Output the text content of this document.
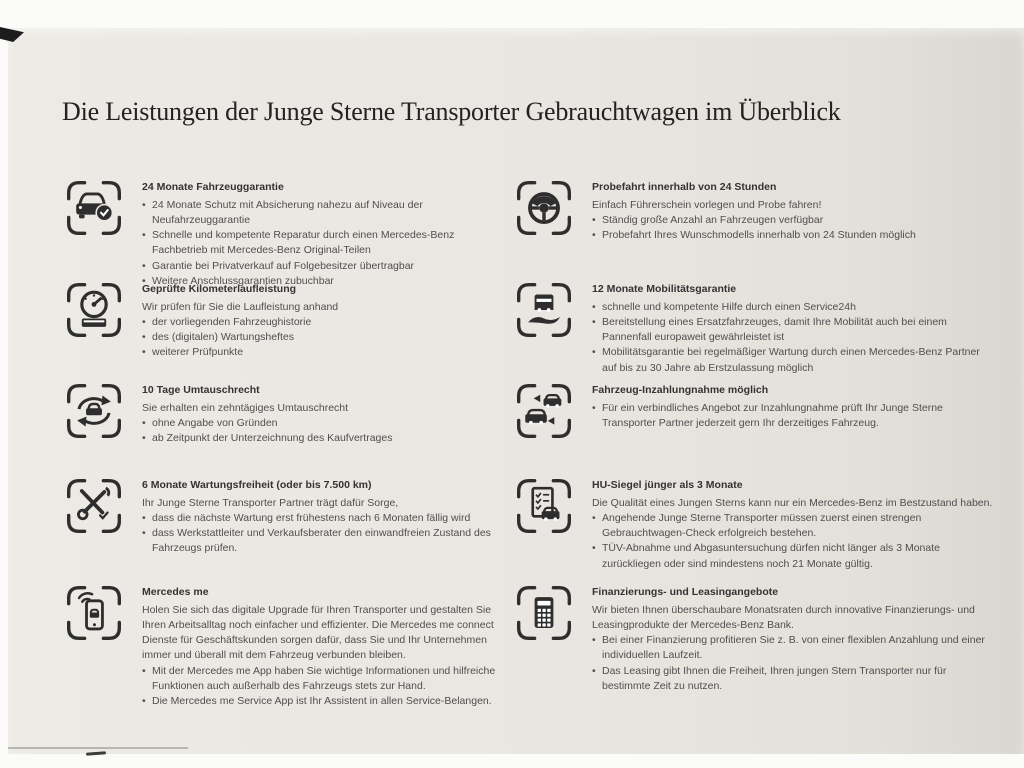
Die Leistungen der Junge Sterne Transporter Gebrauchtwagen im Überblick
24 Monate Fahrzeuggarantie
• 24 Monate Schutz mit Absicherung nahezu auf Niveau der Neufahrzeuggarantie
• Schnelle und kompetente Reparatur durch einen Mercedes-Benz Fachbetrieb mit Mercedes-Benz Original-Teilen
• Garantie bei Privatverkauf auf Folgebesitzer übertragbar
• Weitere Anschlussgarantien zubuchbar
Geprüfte Kilometerlaufleistung

Wir prüfen für Sie die Laufleistung anhand

• der vorliegenden Fahrzeughistorie
• des (digitalen) Wartungsheftes
• weiterer Prüfpunkte
10 Tage Umtauschrecht

Sie erhalten ein zehntägiges Umtauschrecht

• ohne Angabe von Gründen
• ab Zeitpunkt der Unterzeichnung des Kaufvertrages
6 Monate Wartungsfreiheit (oder bis 7.500 km)

Ihr Junge Sterne Transporter Partner trägt dafür Sorge,

• dass die nächste Wartung erst frühestens nach 6 Monaten fällig wird
• dass Werkstattleiter und Verkaufsberater den einwandfreien Zustand des Fahrzeugs prüfen.
Mercedes me

Holen Sie sich das digitale Upgrade für Ihren Transporter und gestalten Sie Ihren Arbeitsalltag noch einfacher und effizienter. Die Mercedes me connect Dienste für Geschäftskunden sorgen dafür, dass Sie und Ihr Unternehmen immer und überall mit dem Fahrzeug verbunden bleiben.

• Mit der Mercedes me App haben Sie wichtige Informationen und hilfreiche Funktionen auch außerhalb des Fahrzeugs stets zur Hand.
• Die Mercedes me Service App ist Ihr Assistent in allen Service-Belangen.
Probefahrt innerhalb von 24 Stunden

Einfach Führerschein vorlegen und Probe fahren!

• Ständig große Anzahl an Fahrzeugen verfügbar
• Probefahrt Ihres Wunschmodells innerhalb von 24 Stunden möglich
12 Monate Mobilitätsgarantie
• schnelle und kompetente Hilfe durch einen Service24h
• Bereitstellung eines Ersatzfahrzeuges, damit Ihre Mobilität auch bei einem Pannenfall europaweit gewährleistet ist
• Mobilitätsgarantie bei regelmäßiger Wartung durch einen Mercedes-Benz Partner auf bis zu 30 Jahre ab Erstzulassung möglich
Fahrzeug-Inzahlungnahme möglich
• Für ein verbindliches Angebot zur Inzahlungnahme prüft Ihr Junge Sterne Transporter Partner jederzeit gern Ihr derzeitiges Fahrzeug.
HU-Siegel jünger als 3 Monate

Die Qualität eines Jungen Sterns kann nur ein Mercedes-Benz im Bestzustand haben.

• Angehende Junge Sterne Transporter müssen zuerst einen strengen Gebrauchtwagen-Check erfolgreich bestehen.
• TÜV-Abnahme und Abgasuntersuchung dürfen nicht länger als 3 Monate zurückliegen oder sind mindestens noch 21 Monate gültig.
Finanzierungs- und Leasingangebote

Wir bieten Ihnen überschaubare Monatsraten durch innovative Finanzierungs- und Leasingprodukte der Mercedes-Benz Bank.

• Bei einer Finanzierung profitieren Sie z. B. von einer flexiblen Anzahlung und einer individuellen Laufzeit.
• Das Leasing gibt Ihnen die Freiheit, Ihren jungen Stern Transporter nur für bestimmte Zeit zu nutzen.
